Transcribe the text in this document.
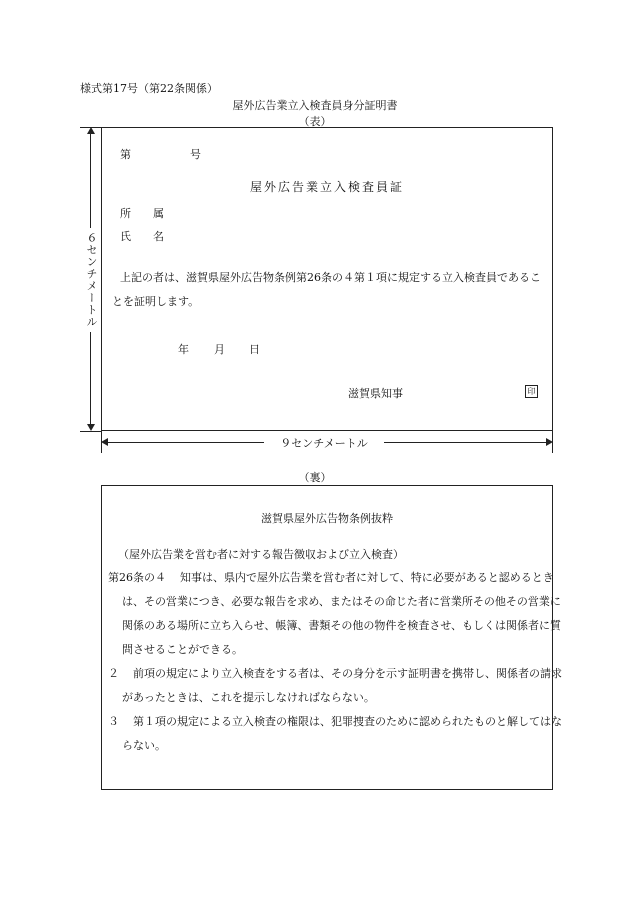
様式第17号（第22条関係）
屋外広告業立入検査員身分証明書
（表）
第	号
屋外広告業立入検査員証
所　　属
氏　　名
上記の者は、滋賀県屋外広告物条例第26条の４第１項に規定する立入検査員であることを証明します。
年 月 日
滋賀県知事	印
６センチメートル
９センチメートル
（裏）
滋賀県屋外広告物条例抜粋
（屋外広告業を営む者に対する報告徴収および立入検査）
第26条の４ 知事は、県内で屋外広告業を営む者に対して、特に必要があると認めるときは、その営業につき、必要な報告を求め、またはその命じた者に営業所その他その営業に関係のある場所に立ち入らせ、帳簿、書類その他の物件を検査させ、もしくは関係者に質問させることができる。
２ 前項の規定により立入検査をする者は、その身分を示す証明書を携帯し、関係者の請求があったときは、これを提示しなければならない。
３ 第１項の規定による立入検査の権限は、犯罪捜査のために認められたものと解してはならない。
